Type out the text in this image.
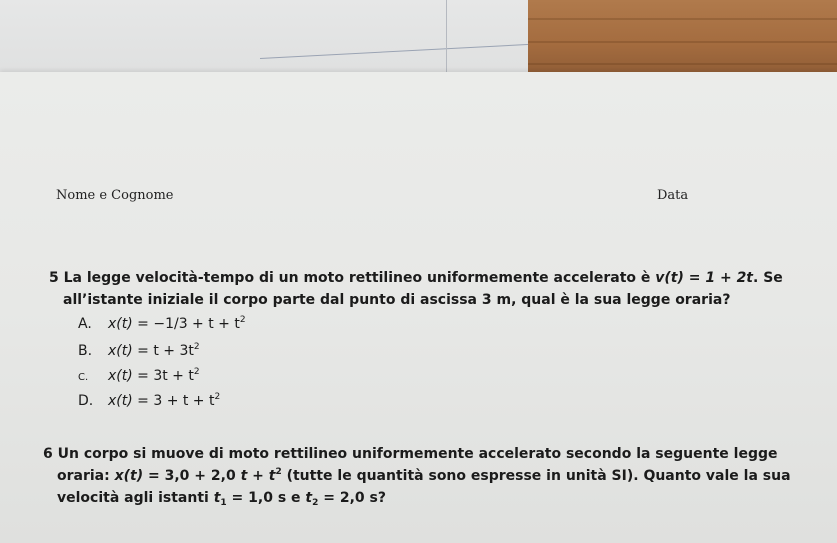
Nome e Cognome	Data
5 La legge velocità-tempo di un moto rettilineo uniformemente accelerato è v(t) = 1 + 2t. Se
all’istante iniziale il corpo parte dal punto di ascissa 3 m, qual è la sua legge oraria?
A. $x(t) = -1/3 + t + t^2$
B. $x(t) = t + 3t^2$
C. $x(t) = 3t + t^2$
D. $x(t) = 3 + t + t^2$
6 Un corpo si muove di moto rettilineo uniformemente accelerato secondo la seguente legge
oraria: x(t) = 3,0 + 2,0 $t + t^2$ (tutte le quantità sono espresse in unità SI). Quanto vale la sua
velocità agli istanti $t_1 = 1,0$ s e $t_2 = 2,0$ s?
